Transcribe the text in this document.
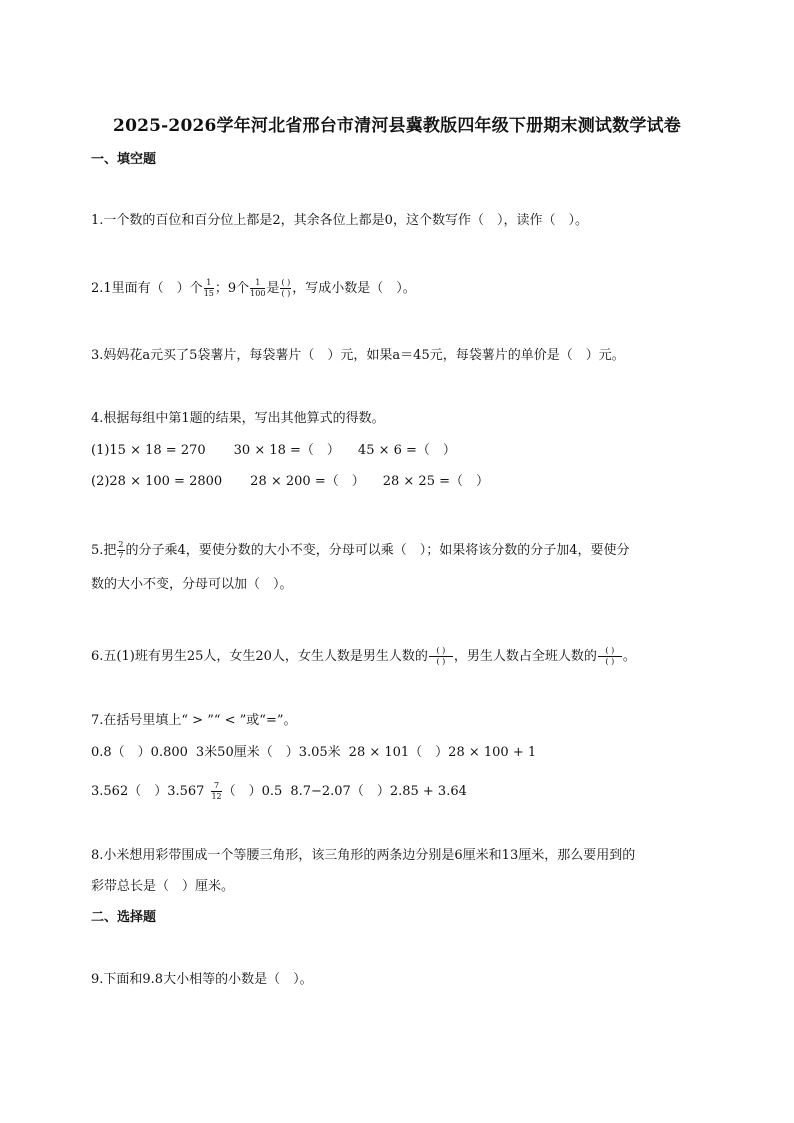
2025-2026学年河北省邢台市清河县冀教版四年级下册期末测试数学试卷
一、填空题
1.一个数的百位和百分位上都是2，其余各位上都是0，这个数写作（　），读作（　）。
2.1里面有（　）个 $\frac{1}{15}$ ；9个 $\frac{1}{100}$ 是 $\frac{( )}{( )}$ ，写成小数是（　）。
3.妈妈花a元买了5袋薯片，每袋薯片（　）元，如果a＝45元，每袋薯片的单价是（　）元。
4.根据每组中第1题的结果，写出其他算式的得数。
(1)15 × 18 = 270 30 × 18 =（　） 45 × 6 =（　）
(2)28 × 100 = 2800 28 × 200 =（　） 28 × 25 =（　）
5.把 $\frac{2}{7}$ 的分子乘4，要使分数的大小不变，分母可以乘（　）；如果将该分数的分子加4，要使分
数的大小不变，分母可以加（　）。
6.五(1)班有男生25人，女生20人，女生人数是男生人数的 $\frac{( )}{( )}$ ，男生人数占全班人数的 $\frac{( )}{( )}$ 。
7.在括号里填上“ > ”“ < ”或“=”。
0.8（　）0.800 3米50厘米（　）3.05米 28 × 101（　）28 × 100 + 1
3.562（　）$3.567 \frac{7}{12}$ （　）0.5 8.7−2.07（　）2.85 + 3.64
8.小米想用彩带围成一个等腰三角形，该三角形的两条边分别是6厘米和13厘米，那么要用到的
彩带总长是（　）厘米。
二、选择题
9.下面和9.8大小相等的小数是（　）。
